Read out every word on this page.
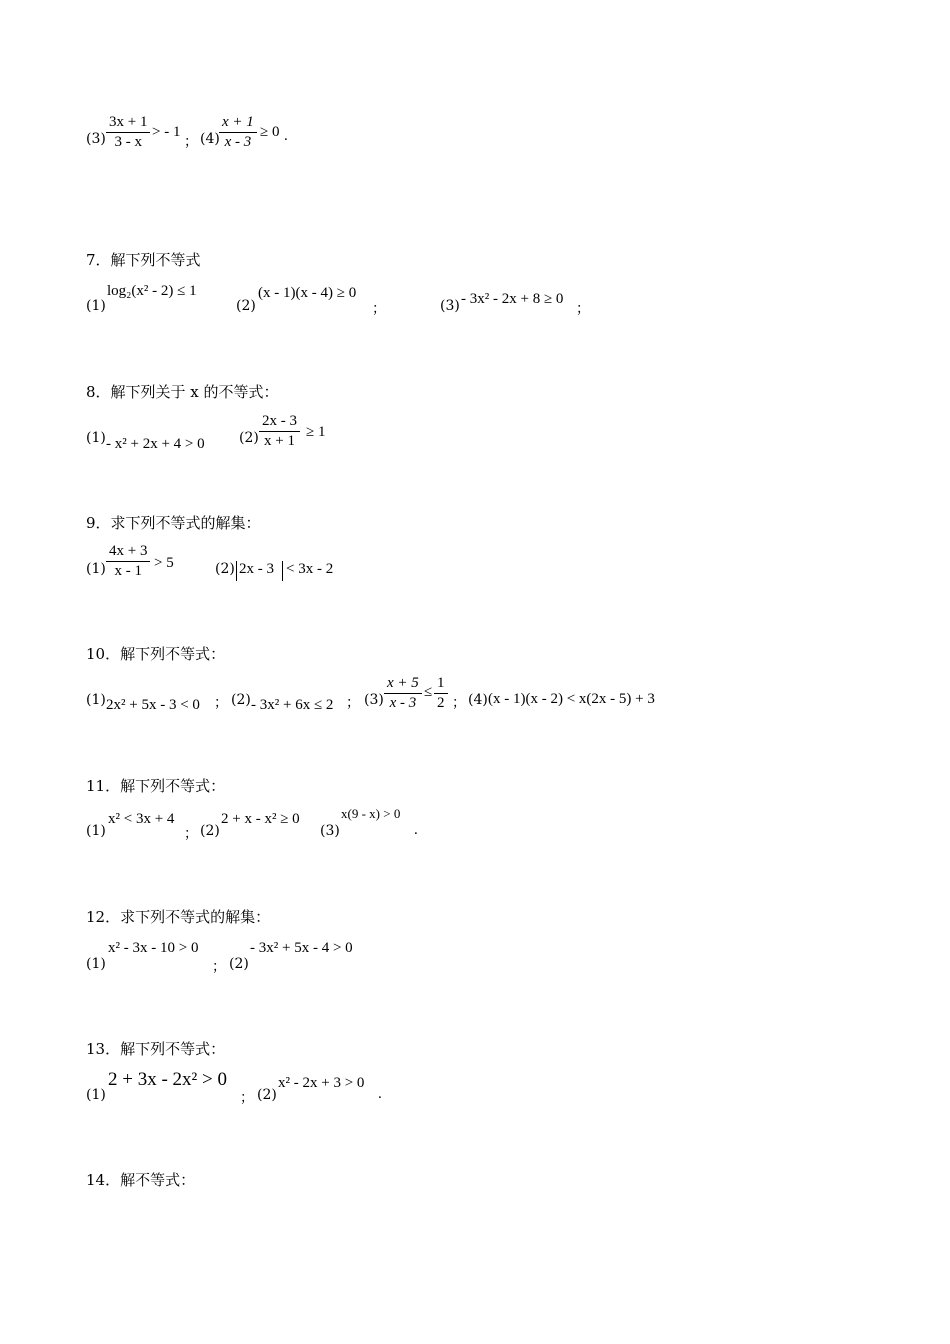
$(3) \frac{3x + 1}{3 - x}$ > - 1
； $(4) \frac{x + 1}{x - 3} \ge 0$ .
7．解下列不等式
(1)
log₂(x² - 2) ≤ 1
(2)
(x - 1)(x - 4) ≥ 0
；	(3) - 3x² - 2x + 8 ≥ 0
；
8．解下列关于 x 的不等式：
(1) - x² + 2x + 4 > 0 $(2) \frac{2x - 3}{x + 1} \ge 1$
9．求下列不等式的解集：
$(1) \frac{4x + 3}{x - 1} > 5$	(2) 2x - 3 < 3x - 2
10．解下列不等式：
(1) 2x² + 5x - 3 < 0 ； (2) - 3x² + 6x ≤ 2 ； $(3) \frac{x + 5}{x - 3} \le \frac{1}{2}$ ； (4) (x - 1)(x - 2) < x(2x - 5) + 3
11．解下列不等式：
(1)
x² < 3x + 4
； (2)
2 + x - x² ≥ 0
(3)
x(9 - x) > 0
.
12．求下列不等式的解集：
(1)
x² - 3x - 10 > 0
； (2)
- 3x² + 5x - 4 > 0
13．解下列不等式：
(1)
2 + 3x - 2x² > 0
； (2)
x² - 2x + 3 > 0
.
14．解不等式：
